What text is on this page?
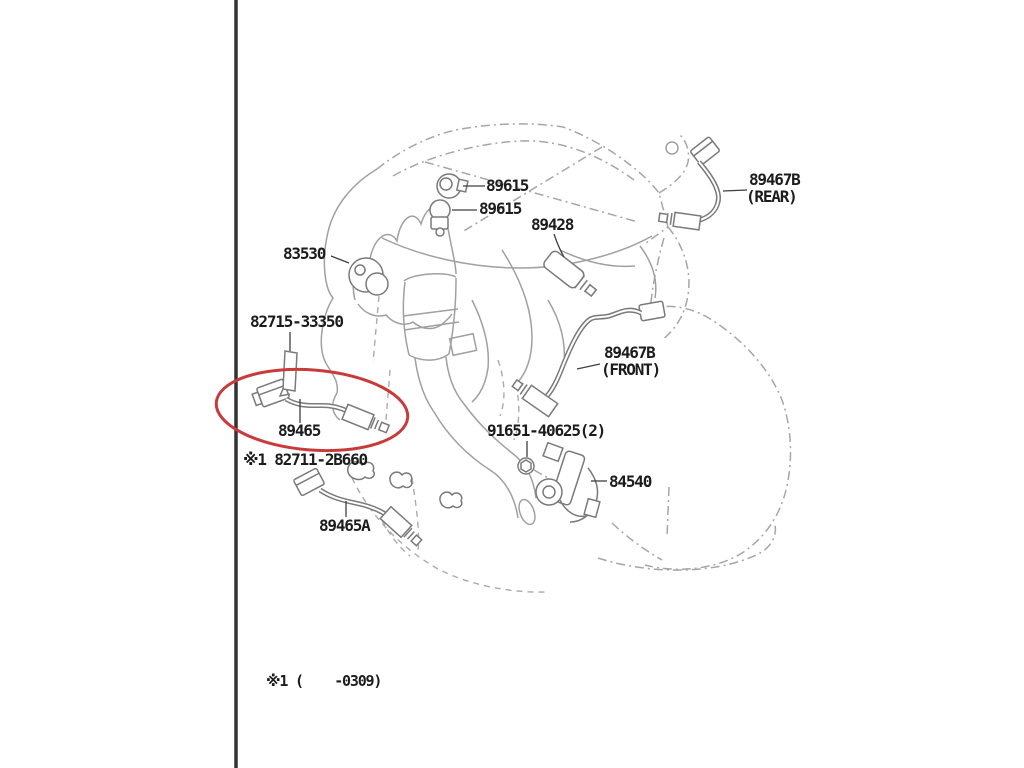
89615
89615
89428
89467B
(REAR)
83530
82715-33350
89465
※1 82711-2B660
89467B
(FRONT)
91651-40625(2)
84540
89465A
※1 (    -0309)
